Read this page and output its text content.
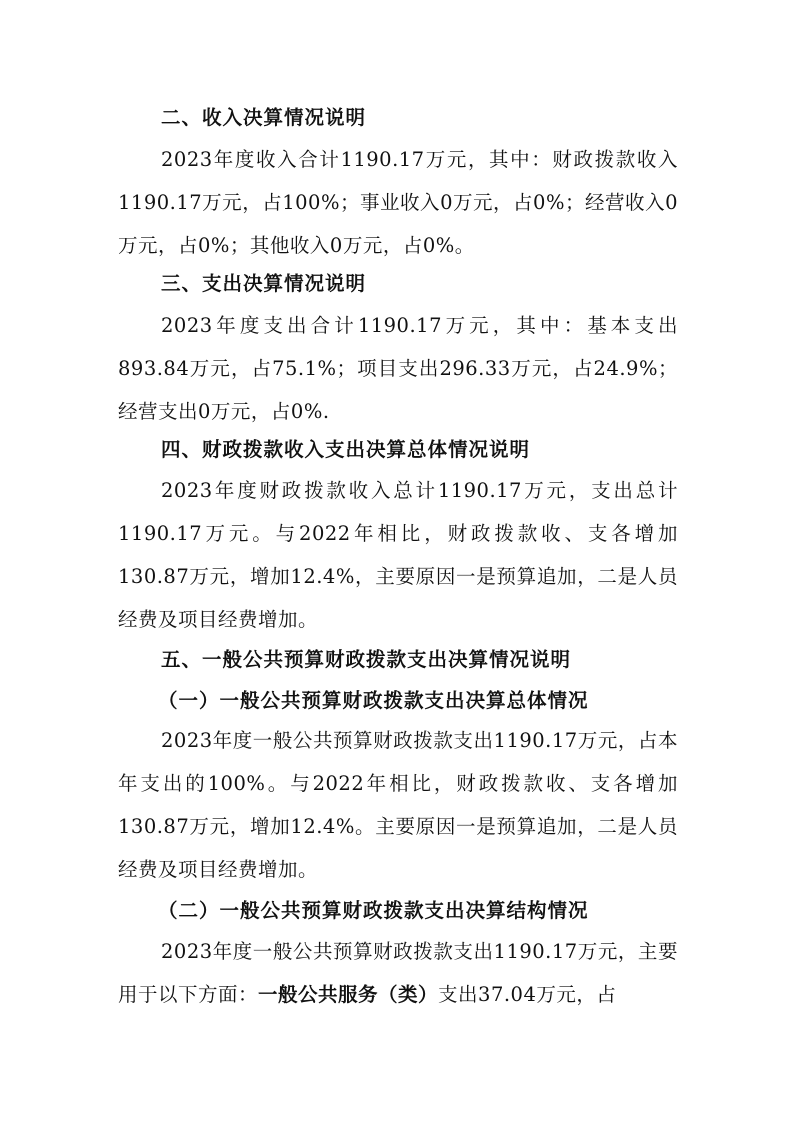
二、收入决算情况说明
2023年度收入合计1190.17万元，其中：财政拨款收入1190.17万元，占100%；事业收入0万元，占0%；经营收入0万元，占0%；其他收入0万元，占0%。
三、支出决算情况说明
2023年度支出合计1190.17万元，其中：基本支出893.84万元，占75.1%；项目支出296.33万元，占24.9%；经营支出0万元，占0%.
四、财政拨款收入支出决算总体情况说明
2023年度财政拨款收入总计1190.17万元，支出总计1190.17万元。与2022年相比，财政拨款收、支各增加130.87万元，增加12.4%，主要原因一是预算追加，二是人员经费及项目经费增加。
五、一般公共预算财政拨款支出决算情况说明
（一）一般公共预算财政拨款支出决算总体情况
2023年度一般公共预算财政拨款支出1190.17万元，占本年支出的100%。与2022年相比，财政拨款收、支各增加130.87万元，增加12.4%。主要原因一是预算追加，二是人员经费及项目经费增加。
（二）一般公共预算财政拨款支出决算结构情况
2023年度一般公共预算财政拨款支出1190.17万元，主要用于以下方面：一般公共服务（类）支出37.04万元，占
